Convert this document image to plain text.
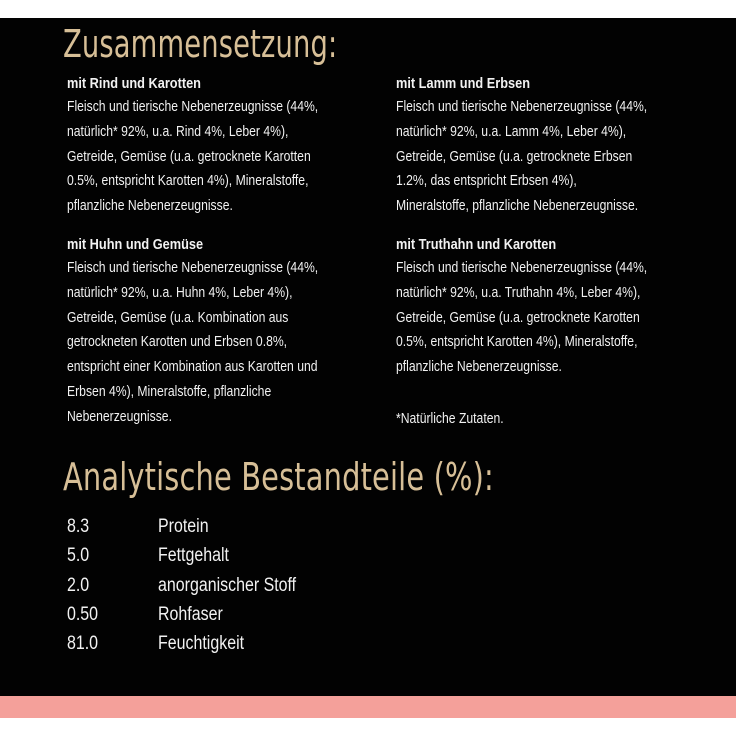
Zusammensetzung:
mit Rind und Karotten
Fleisch und tierische Nebenerzeugnisse (44%,
natürlich* 92%, u.a. Rind 4%, Leber 4%),
Getreide, Gemüse (u.a. getrocknete Karotten
0.5%, entspricht Karotten 4%), Mineralstoffe,
pflanzliche Nebenerzeugnisse.
mit Lamm und Erbsen
Fleisch und tierische Nebenerzeugnisse (44%,
natürlich* 92%, u.a. Lamm 4%, Leber 4%),
Getreide, Gemüse (u.a. getrocknete Erbsen
1.2%, das entspricht Erbsen 4%),
Mineralstoffe, pflanzliche Nebenerzeugnisse.
mit Huhn und Gemüse
Fleisch und tierische Nebenerzeugnisse (44%,
natürlich* 92%, u.a. Huhn 4%, Leber 4%),
Getreide, Gemüse (u.a. Kombination aus
getrockneten Karotten und Erbsen 0.8%,
entspricht einer Kombination aus Karotten und
Erbsen 4%), Mineralstoffe, pflanzliche
Nebenerzeugnisse.
mit Truthahn und Karotten
Fleisch und tierische Nebenerzeugnisse (44%,
natürlich* 92%, u.a. Truthahn 4%, Leber 4%),
Getreide, Gemüse (u.a. getrocknete Karotten
0.5%, entspricht Karotten 4%), Mineralstoffe,
pflanzliche Nebenerzeugnisse.
*Natürliche Zutaten.
Analytische Bestandteile (%):
8.3	Protein
5.0	Fettgehalt
2.0	anorganischer Stoff
0.50	Rohfaser
81.0	Feuchtigkeit
